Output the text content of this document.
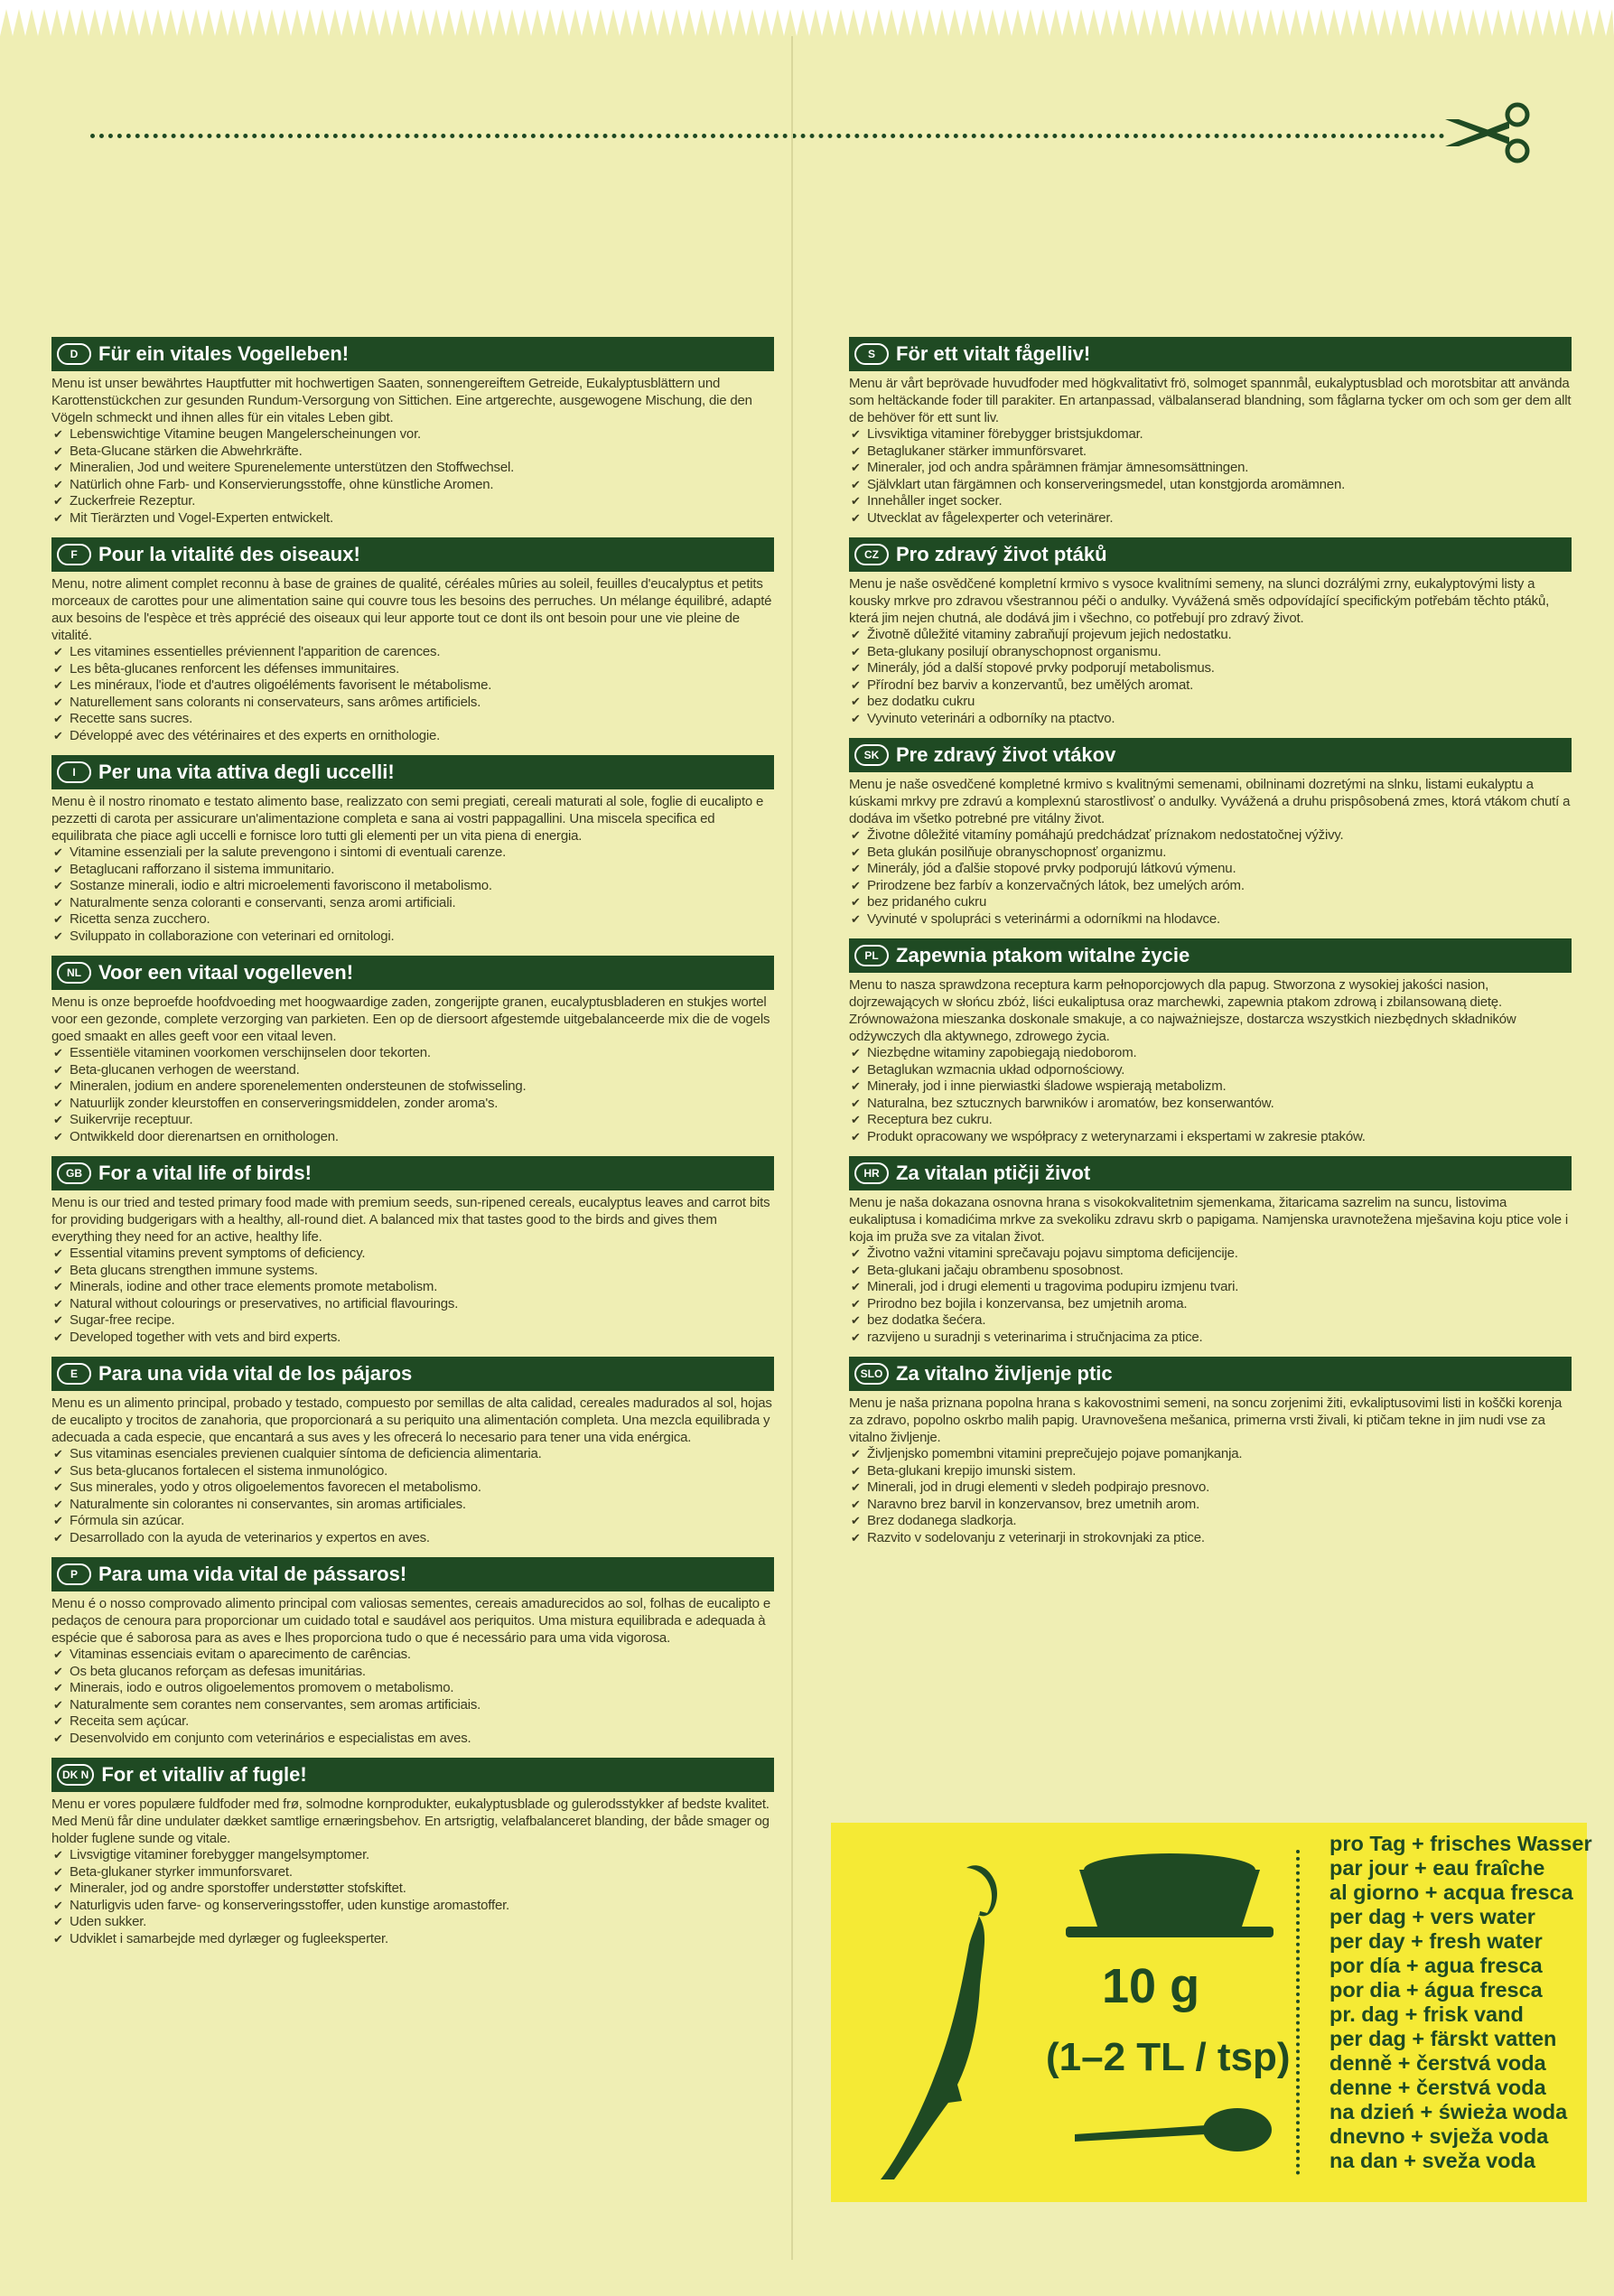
D	Für ein vitales Vogelleben!

Menu ist unser bewährtes Hauptfutter mit hochwertigen Saaten, sonnengereiftem Getreide, Eukalyptusblättern und Karottenstückchen zur gesunden Rundum-Versorgung von Sittichen. Eine artgerechte, ausgewogene Mischung, die den Vögeln schmeckt und ihnen alles für ein vitales Leben gibt.

✔ Lebenswichtige Vitamine beugen Mangelerscheinungen vor.
✔ Beta-Glucane stärken die Abwehrkräfte.
✔ Mineralien, Jod und weitere Spurenelemente unterstützen den Stoffwechsel.
✔ Natürlich ohne Farb- und Konservierungsstoffe, ohne künstliche Aromen.
✔ Zuckerfreie Rezeptur.
✔ Mit Tierärzten und Vogel-Experten entwickelt.
F	Pour la vitalité des oiseaux!

Menu, notre aliment complet reconnu à base de graines de qualité, céréales mûries au soleil, feuilles d'eucalyptus et petits morceaux de carottes pour une alimentation saine qui couvre tous les besoins des perruches. Un mélange équilibré, adapté aux besoins de l'espèce et très apprécié des oiseaux qui leur apporte tout ce dont ils ont besoin pour une vie pleine de vitalité.

✔ Les vitamines essentielles préviennent l'apparition de carences.
✔ Les bêta-glucanes renforcent les défenses immunitaires.
✔ Les minéraux, l'iode et d'autres oligoéléments favorisent le métabolisme.
✔ Naturellement sans colorants ni conservateurs, sans arômes artificiels.
✔ Recette sans sucres.
✔ Développé avec des vétérinaires et des experts en ornithologie.
I	Per una vita attiva degli uccelli!

Menu è il nostro rinomato e testato alimento base, realizzato con semi pregiati, cereali maturati al sole, foglie di eucalipto e pezzetti di carota per assicurare un'alimentazione completa e sana ai vostri pappagallini. Una miscela specifica ed equilibrata che piace agli uccelli e fornisce loro tutti gli elementi per un vita piena di energia.

✔ Vitamine essenziali per la salute prevengono i sintomi di eventuali carenze.
✔ Betaglucani rafforzano il sistema immunitario.
✔ Sostanze minerali, iodio e altri microelementi favoriscono il metabolismo.
✔ Naturalmente senza coloranti e conservanti, senza aromi artificiali.
✔ Ricetta senza zucchero.
✔ Sviluppato in collaborazione con veterinari ed ornitologi.
NL Voor een vitaal vogelleven!

Menu is onze beproefde hoofdvoeding met hoogwaardige zaden, zongerijpte granen, eucalyptusbladeren en stukjes wortel voor een gezonde, complete verzorging van parkieten. Een op de diersoort afgestemde uitgebalanceerde mix die de vogels goed smaakt en alles geeft voor een vitaal leven.

✔ Essentiële vitaminen voorkomen verschijnselen door tekorten.
✔ Beta-glucanen verhogen de weerstand.
✔ Mineralen, jodium en andere sporenelementen ondersteunen de stofwisseling.
✔ Natuurlijk zonder kleurstoffen en conserveringsmiddelen, zonder aroma's.
✔ Suikervrije receptuur.
✔ Ontwikkeld door dierenartsen en ornithologen.
GB For a vital life of birds!

Menu is our tried and tested primary food made with premium seeds, sun-ripened cereals, eucalyptus leaves and carrot bits for providing budgerigars with a healthy, all-round diet. A balanced mix that tastes good to the birds and gives them everything they need for an active, healthy life.

✔ Essential vitamins prevent symptoms of deficiency.
✔ Beta glucans strengthen immune systems.
✔ Minerals, iodine and other trace elements promote metabolism.
✔ Natural without colourings or preservatives, no artificial flavourings.
✔ Sugar-free recipe.
✔ Developed together with vets and bird experts.
E	Para una vida vital de los pájaros

Menu es un alimento principal, probado y testado, compuesto por semillas de alta calidad, cereales madurados al sol, hojas de eucalipto y trocitos de zanahoria, que proporcionará a su periquito una alimentación completa. Una mezcla equilibrada y adecuada a cada especie, que encantará a sus aves y les ofrecerá lo necesario para tener una vida enérgica.

✔ Sus vitaminas esenciales previenen cualquier síntoma de deficiencia alimentaria.
✔ Sus beta-glucanos fortalecen el sistema inmunológico.
✔ Sus minerales, yodo y otros oligoelementos favorecen el metabolismo.
✔ Naturalmente sin colorantes ni conservantes, sin aromas artificiales.
✔ Fórmula sin azúcar.
✔ Desarrollado con la ayuda de veterinarios y expertos en aves.
P	Para uma vida vital de pássaros!

Menu é o nosso comprovado alimento principal com valiosas sementes, cereais amadurecidos ao sol, folhas de eucalipto e pedaços de cenoura para proporcionar um cuidado total e saudável aos periquitos. Uma mistura equilibrada e adequada à espécie que é saborosa para as aves e lhes proporciona tudo o que é necessário para uma vida vigorosa.

✔ Vitaminas essenciais evitam o aparecimento de carências.
✔ Os beta glucanos reforçam as defesas imunitárias.
✔ Minerais, iodo e outros oligoelementos promovem o metabolismo.
✔ Naturalmente sem corantes nem conservantes, sem aromas artificiais.
✔ Receita sem açúcar.
✔ Desenvolvido em conjunto com veterinários e especialistas em aves.
DK N For et vitalliv af fugle!

Menu er vores populære fuldfoder med frø, solmodne kornprodukter, eukalyptusblade og gulerodsstykker af bedste kvalitet. Med Menü får dine undulater dækket samtlige ernæringsbehov. En artsrigtig, velafbalanceret blanding, der både smager og holder fuglene sunde og vitale.

✔ Livsvigtige vitaminer forebygger mangelsymptomer.
✔ Beta-glukaner styrker immunforsvaret.
✔ Mineraler, jod og andre sporstoffer understøtter stofskiftet.
✔ Naturligvis uden farve- og konserveringsstoffer, uden kunstige aromastoffer.
✔ Uden sukker.
✔ Udviklet i samarbejde med dyrlæger og fugleeksperter.
S	För ett vitalt fågelliv!

Menu är vårt beprövade huvudfoder med högkvalitativt frö, solmoget spannmål, eukalyptusblad och morotsbitar att använda som heltäckande foder till parakiter. En artanpassad, välbalanserad blandning, som fåglarna tycker om och som ger dem allt de behöver för ett sunt liv.

✔ Livsviktiga vitaminer förebygger bristsjukdomar.
✔ Betaglukaner stärker immunförsvaret.
✔ Mineraler, jod och andra spårämnen främjar ämnesomsättningen.
✔ Självklart utan färgämnen och konserveringsmedel, utan konstgjorda aromämnen.
✔ Innehåller inget socker.
✔ Utvecklat av fågelexperter och veterinärer.
CZ Pro zdravý život ptáků

Menu je naše osvědčené kompletní krmivo s vysoce kvalitními semeny, na slunci dozrálými zrny, eukalyptovými listy a kousky mrkve pro zdravou všestrannou péči o andulky. Vyvážená směs odpovídající specifickým potřebám těchto ptáků, která jim nejen chutná, ale dodává jim i všechno, co potřebují pro zdravý život.

✔ Životně důležité vitaminy zabraňují projevum jejich nedostatku.
✔ Beta-glukany posilují obranyschopnost organismu.
✔ Minerály, jód a další stopové prvky podporují metabolismus.
✔ Přírodní bez barviv a konzervantů, bez umělých aromat.
✔ bez dodatku cukru
✔ Vyvinuto veterinári a odborníky na ptactvo.
SK Pre zdravý život vtákov

Menu je naše osvedčené kompletné krmivo s kvalitnými semenami, obilninami dozretými na slnku, listami eukalyptu a kúskami mrkvy pre zdravú a komplexnú starostlivosť o andulky. Vyvážená a druhu prispôsobená zmes, ktorá vtákom chutí a dodáva im všetko potrebné pre vitálny život.

✔ Životne dôležité vitamíny pomáhajú predchádzať príznakom nedostatočnej výživy.
✔ Beta glukán posilňuje obranyschopnosť organizmu.
✔ Minerály, jód a ďalšie stopové prvky podporujú látkovú výmenu.
✔ Prirodzene bez farbív a konzervačných látok, bez umelých aróm.
✔ bez pridaného cukru
✔ Vyvinuté v spolupráci s veterinármi a odorníkmi na hlodavce.
PL Zapewnia ptakom witalne życie

Menu to nasza sprawdzona receptura karm pełnoporcjowych dla papug. Stworzona z wysokiej jakości nasion, dojrzewających w słońcu zbóż, liści eukaliptusa oraz marchewki, zapewnia ptakom zdrową i zbilansowaną dietę. Zrównoważona mieszanka doskonale smakuje, a co najważniejsze, dostarcza wszystkich niezbędnych składników odżywczych dla aktywnego, zdrowego życia.

✔ Niezbędne witaminy zapobiegają niedoborom.
✔ Betaglukan wzmacnia układ odpornościowy.
✔ Minerały, jod i inne pierwiastki śladowe wspierają metabolizm.
✔ Naturalna, bez sztucznych barwników i aromatów, bez konserwantów.
✔ Receptura bez cukru.
✔ Produkt opracowany we współpracy z weterynarzami i ekspertami w zakresie ptaków.
HR Za vitalan ptičji život

Menu je naša dokazana osnovna hrana s visokokvalitetnim sjemenkama, žitaricama sazrelim na suncu, listovima eukaliptusa i komadićima mrkve za svekoliku zdravu skrb o papigama. Namjenska uravnotežena mješavina koju ptice vole i koja im pruža sve za vitalan život.

✔ Životno važni vitamini sprečavaju pojavu simptoma deficijencije.
✔ Beta-glukani jačaju obrambenu sposobnost.
✔ Minerali, jod i drugi elementi u tragovima podupiru izmjenu tvari.
✔ Prirodno bez bojila i konzervansa, bez umjetnih aroma.
✔ bez dodatka šećera.
✔ razvijeno u suradnji s veterinarima i stručnjacima za ptice.
SLO Za vitalno življenje ptic

Menu je naša priznana popolna hrana s kakovostnimi semeni, na soncu zorjenimi žiti, evkaliptusovimi listi in koščki korenja za zdravo, popolno oskrbo malih papig. Uravnovešena mešanica, primerna vrsti živali, ki ptičam tekne in jim nudi vse za vitalno življenje.

✔ Življenjsko pomembni vitamini preprečujejo pojave pomanjkanja.
✔ Beta-glukani krepijo imunski sistem.
✔ Minerali, jod in drugi elementi v sledeh podpirajo presnovo.
✔ Naravno brez barvil in konzervansov, brez umetnih arom.
✔ Brez dodanega sladkorja.
✔ Razvito v sodelovanju z veterinarji in strokovnjaki za ptice.
10 g
(1–2 TL / tsp)
pro Tag + frisches Wasser
par jour + eau fraîche
al giorno + acqua fresca
per dag + vers water
per day + fresh water
por día + agua fresca
por dia + água fresca
pr. dag + frisk vand
per dag + färskt vatten
denně + čerstvá voda
denne + čerstvá voda
na dzień + świeża woda
dnevno + svježa voda
na dan + sveža voda
